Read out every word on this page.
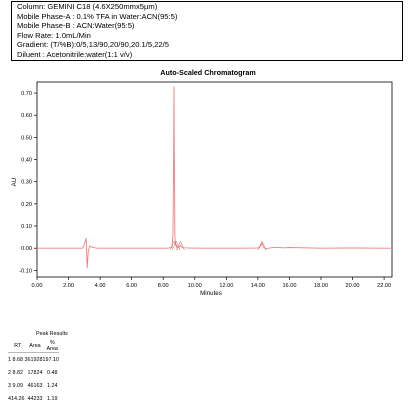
Column: GEMINI C18 (4.6X250mmx5µm)
Mobile Phase-A : 0.1% TFA in Water:ACN(95:5)
Mobile Phase-B : ACN:Water(95:5)
Flow Rate: 1.0mL/Min
Gradient: (T/%B):0/5,13/90,20/90,20.1/5,22/5
Diluent : Acetonitrile:water(1:1 v/v)
Auto-Scaled Chromatogram
-0.10
0.00
0.10
0.20
0.30
0.40
0.50
0.60
0.70
0.00	2.00	4.00	6.00	8.00	10.00	12.00	14.00	16.00	18.00	20.00	22.00
AU
Minutes
Peak Results
	RT	Area	% Area
1	8.68	3619281	97.10
2	8.82	17824	0.48
3	9.09	46163	1.24
4	14.26	44233	1.19
